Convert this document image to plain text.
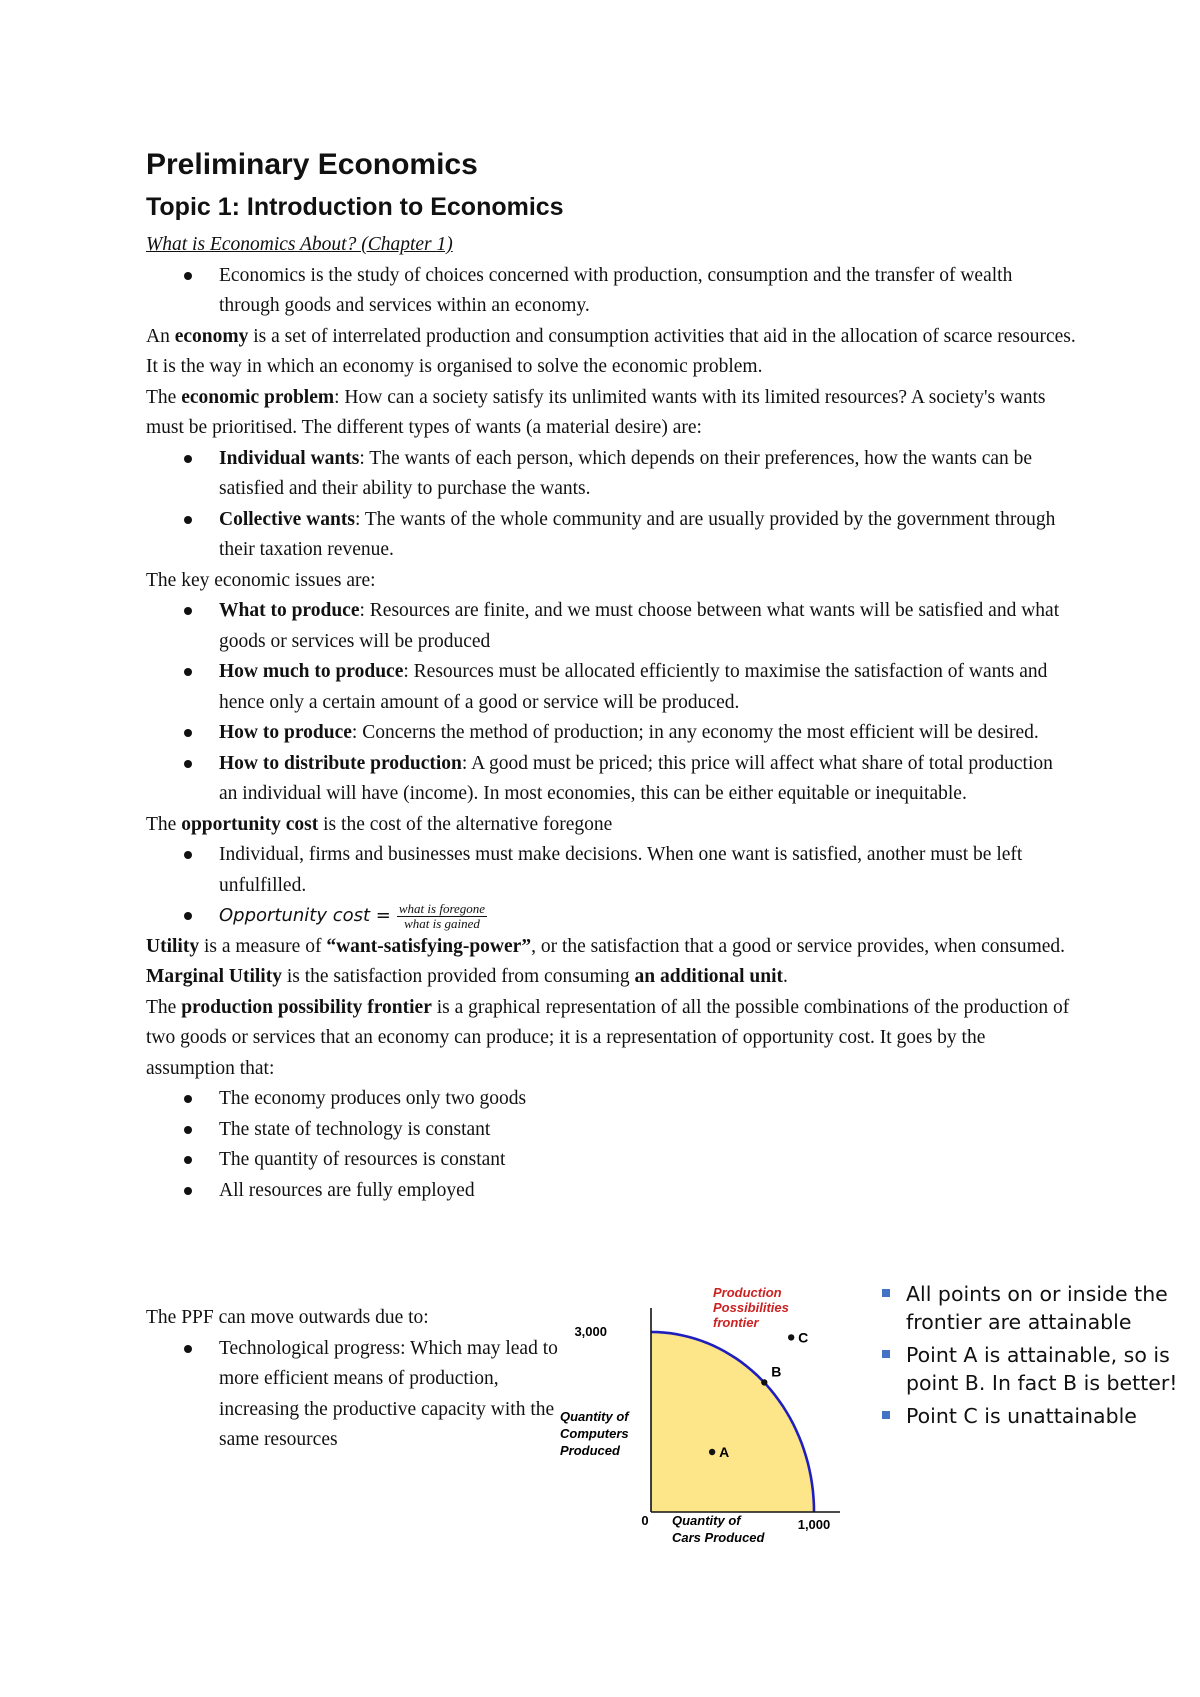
Preliminary Economics
Topic 1: Introduction to Economics

What is Economics About? (Chapter 1)

Economics is the study of choices concerned with production, consumption and the transfer of wealth through goods and services within an economy.

An economy is a set of interrelated production and consumption activities that aid in the allocation of scarce resources. It is the way in which an economy is organised to solve the economic problem.

The economic problem: How can a society satisfy its unlimited wants with its limited resources? A society's wants must be prioritised. The different types of wants (a material desire) are:

Individual wants: The wants of each person, which depends on their preferences, how the wants can be satisfied and their ability to purchase the wants.
Collective wants: The wants of the whole community and are usually provided by the government through their taxation revenue.

The key economic issues are:

What to produce: Resources are finite, and we must choose between what wants will be satisfied and what goods or services will be produced
How much to produce: Resources must be allocated efficiently to maximise the satisfaction of wants and hence only a certain amount of a good or service will be produced.
How to produce: Concerns the method of production; in any economy the most efficient will be desired.
How to distribute production: A good must be priced; this price will affect what share of total production an individual will have (income). In most economies, this can be either equitable or inequitable.

The opportunity cost is the cost of the alternative foregone

Individual, firms and businesses must make decisions. When one want is satisfied, another must be left unfulfilled.
Opportunity $\cos t = \frac{\text{what is foregone}}{\text{what is gained}}$

Utility is a measure of “want-satisfying-power”, or the satisfaction that a good or service provides, when consumed. Marginal Utility is the satisfaction provided from consuming an additional unit.

The production possibility frontier is a graphical representation of all the possible combinations of the production of two goods or services that an economy can produce; it is a representation of opportunity cost. It goes by the assumption that:

The economy produces only two goods
The state of technology is constant
The quantity of resources is constant
All resources are fully employed

The PPF can move outwards due to:

Technological progress: Which may lead to more efficient means of production, increasing the productive capacity with the same resources
Production
Possibilities
frontier
Quantity of
Computers
Produced
Quantity of
Cars Produced
3,000
0	1,000
A
B
C
All points on or inside the frontier are attainable
Point A is attainable, so is point B. In fact B is better!
Point C is unattainable
